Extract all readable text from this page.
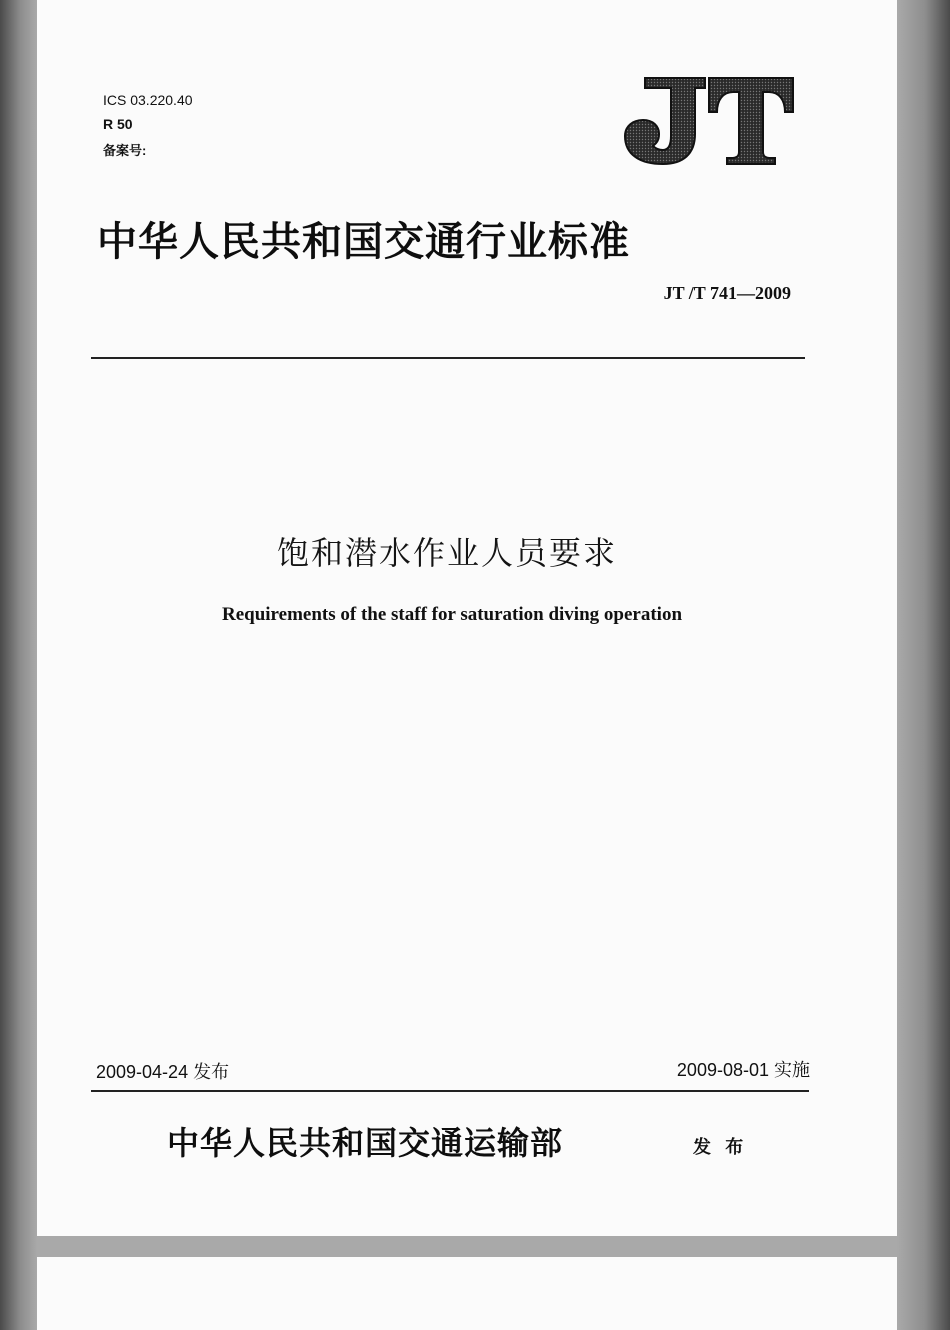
ICS 03.220.40
R 50
备案号:
中华人民共和国交通行业标准
JT /T 741—2009
饱和潜水作业人员要求
Requirements of the staff for saturation diving operation
2009-04-24 发布	2009-08-01 实施
中华人民共和国交通运输部	发 布
